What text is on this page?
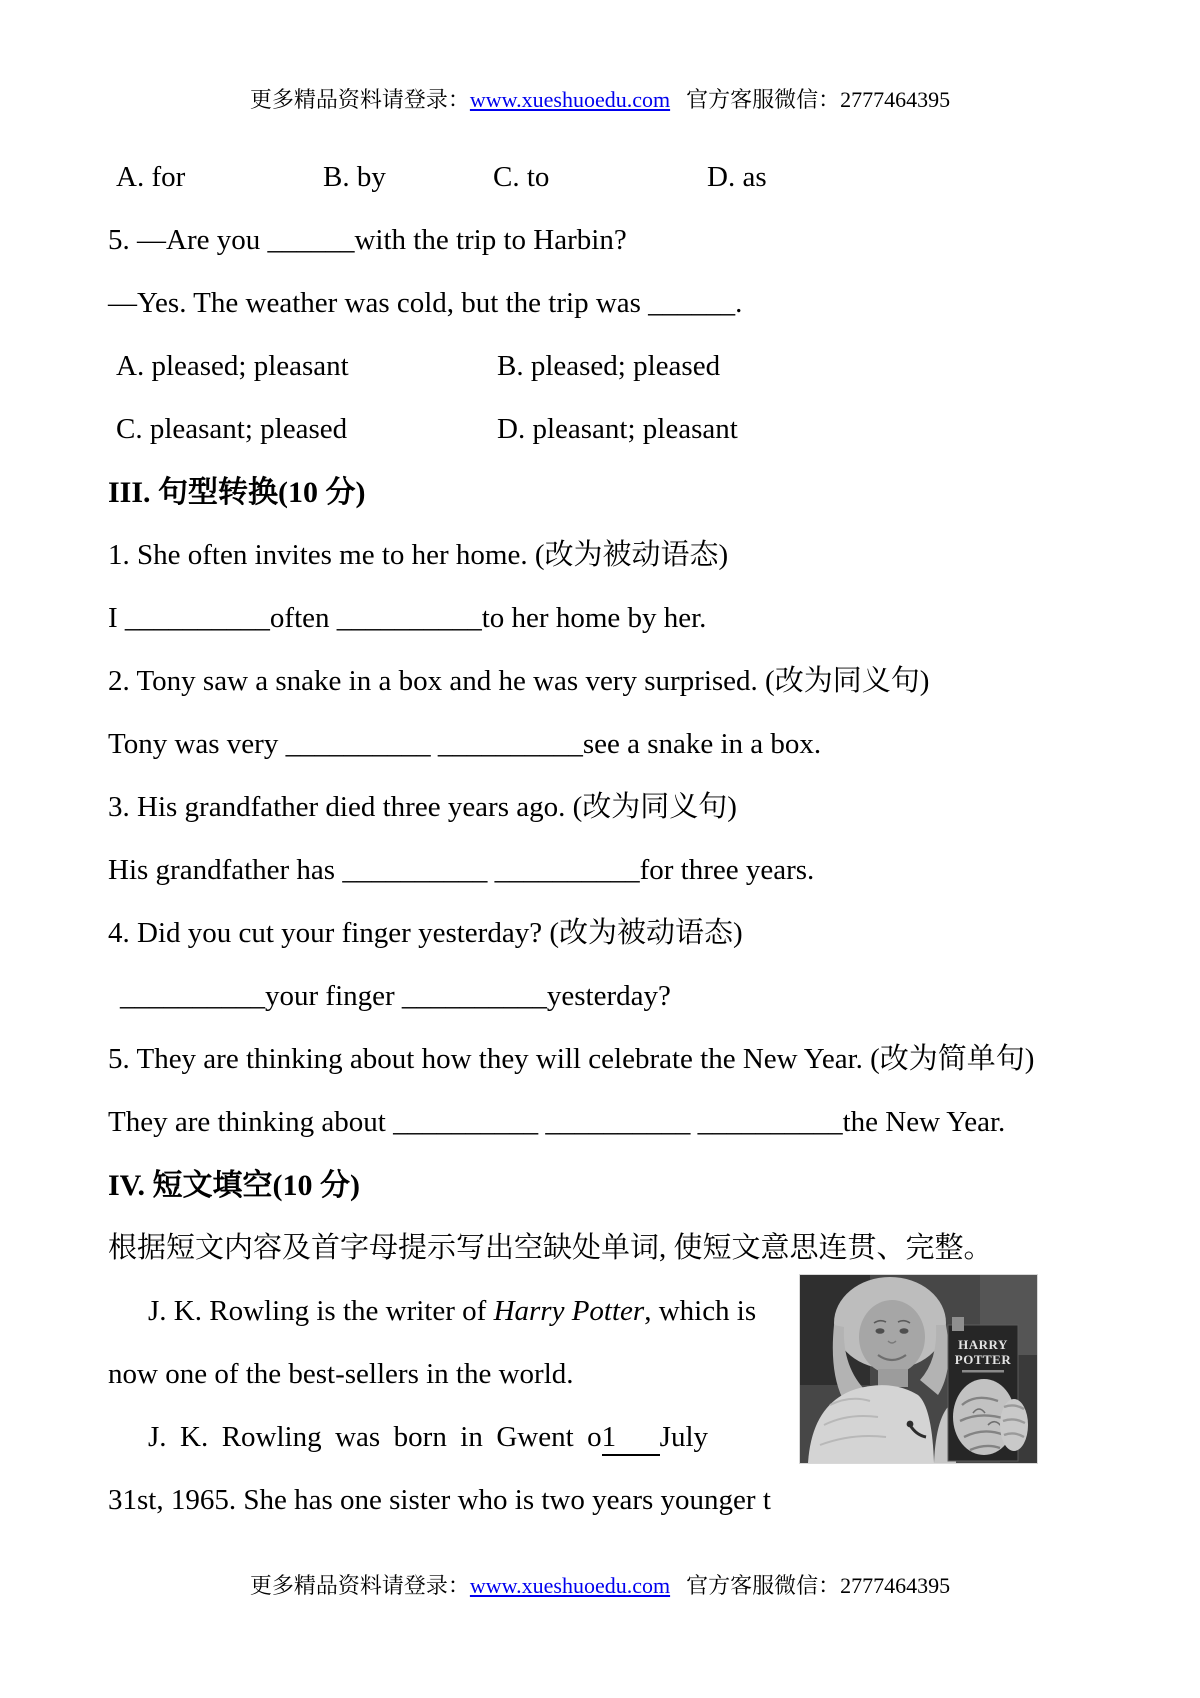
更多精品资料请登录：www.xueshuoedu.com 官方客服微信：2777464395
A. for	B. by	C. to	D. as
5. —Are you ______with the trip to Harbin?
—Yes. The weather was cold, but the trip was ______.
A. pleased; pleasant	B. pleased; pleased
C. pleasant; pleased	D. pleasant; pleasant
III. 句型转换(10 分)
1. She often invites me to her home. (改为被动语态)
I __________often __________to her home by her.
2. Tony saw a snake in a box and he was very surprised. (改为同义句)
Tony was very __________ __________see a snake in a box.
3. His grandfather died three years ago. (改为同义句)
His grandfather has __________ __________for three years.
4. Did you cut your finger yesterday? (改为被动语态)
__________your finger __________yesterday?
5. They are thinking about how they will celebrate the New Year. (改为简单句)
They are thinking about __________ __________ __________the New Year.
IV. 短文填空(10 分)
根据短文内容及首字母提示写出空缺处单词, 使短文意思连贯、完整。
J. K. Rowling is the writer of Harry Potter, which is
now one of the best-sellers in the world.
J. K. Rowling was born in Gwent o1 July
31st, 1965. She has one sister who is two years younger t
HARRY
POTTER
更多精品资料请登录：www.xueshuoedu.com 官方客服微信：2777464395
